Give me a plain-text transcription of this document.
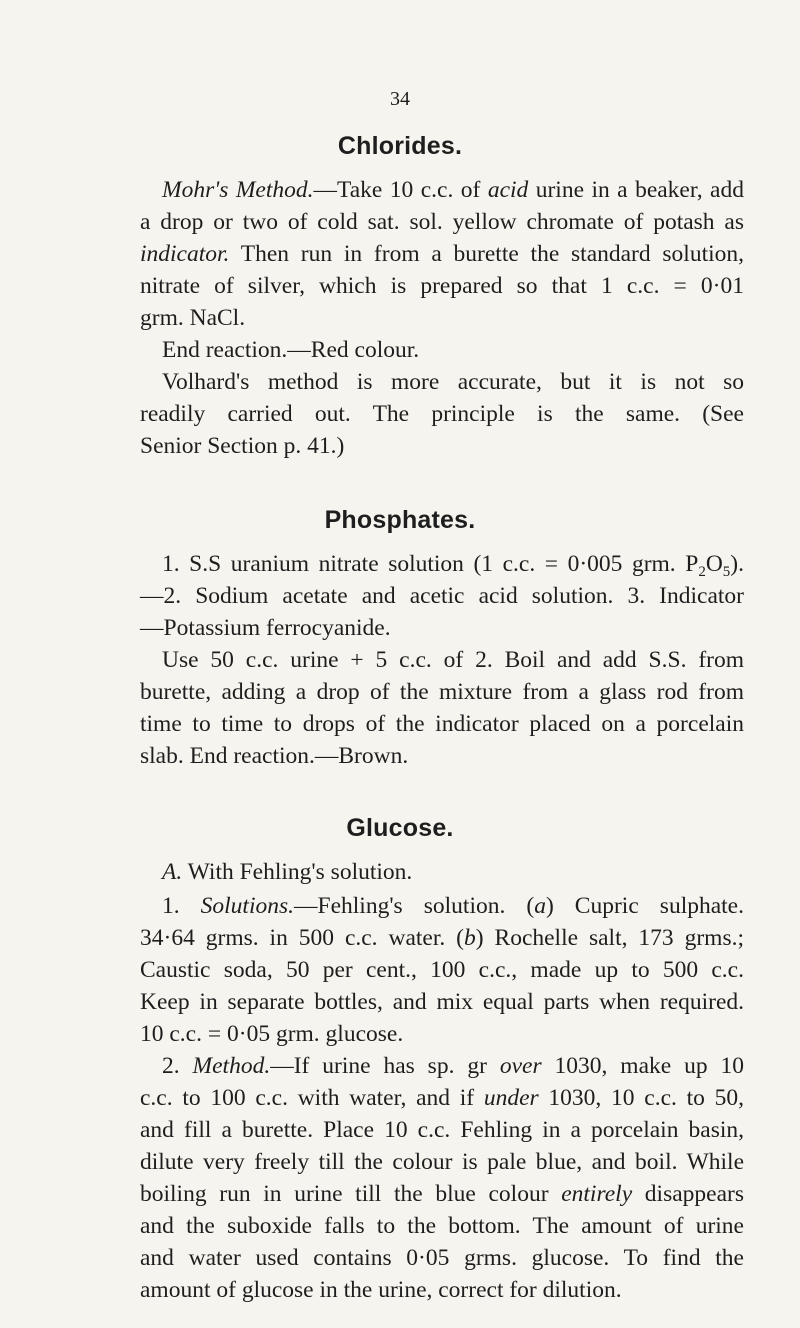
34
Chlorides.
Mohr's Method.—Take 10 c.c. of acid urine in a beaker, add
a drop or two of cold sat. sol. yellow chromate of potash as
indicator. Then run in from a burette the standard solution,
nitrate of silver, which is prepared so that 1 c.c. = 0·01
grm. NaCl.
End reaction.—Red colour.
Volhard's method is more accurate, but it is not so
readily carried out. The principle is the same. (See
Senior Section p. 41.)
Phosphates.
1. S.S uranium nitrate solution (1 c.c. = 0·005 grm. $P_2O_5$).
—2. Sodium acetate and acetic acid solution. 3. Indicator
—Potassium ferrocyanide.
Use 50 c.c. urine + 5 c.c. of 2. Boil and add S.S. from
burette, adding a drop of the mixture from a glass rod from
time to time to drops of the indicator placed on a porcelain
slab. End reaction.—Brown.
Glucose.
A. With Fehling's solution.
1. Solutions.—Fehling's solution. (a) Cupric sulphate.
34·64 grms. in 500 c.c. water. (b) Rochelle salt, 173 grms.;
Caustic soda, 50 per cent., 100 c.c., made up to 500 c.c.
Keep in separate bottles, and mix equal parts when required.
10 c.c. = 0·05 grm. glucose.
2. Method.—If urine has sp. gr over 1030, make up 10
c.c. to 100 c.c. with water, and if under 1030, 10 c.c. to 50,
and fill a burette. Place 10 c.c. Fehling in a porcelain basin,
dilute very freely till the colour is pale blue, and boil. While
boiling run in urine till the blue colour entirely disappears
and the suboxide falls to the bottom. The amount of urine
and water used contains 0·05 grms. glucose. To find the
amount of glucose in the urine, correct for dilution.
